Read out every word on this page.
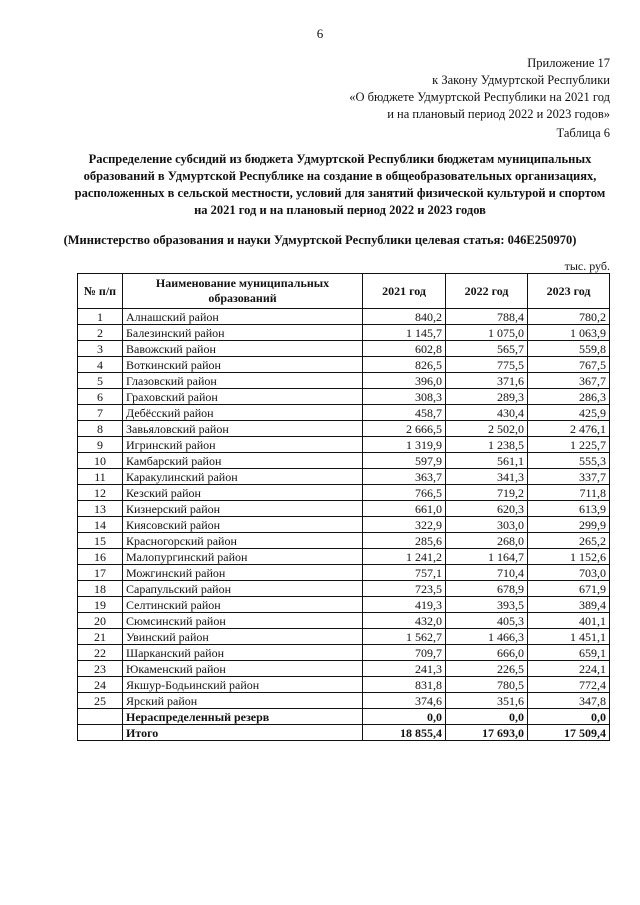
6
Приложение 17
к Закону Удмуртской Республики
«О бюджете Удмуртской Республики на 2021 год
и на плановый период 2022 и 2023 годов»
Таблица 6
Распределение субсидий из бюджета Удмуртской Республики бюджетам муниципальных
образований в Удмуртской Республике на создание в общеобразовательных организациях,
расположенных в сельской местности, условий для занятий физической культурой и спортом
на 2021 год и на плановый период 2022 и 2023 годов
(Министерство образования и науки Удмуртской Республики целевая статья: 046Е250970)
тыс. руб.
№ п/п	Наименование муниципальных образований	2021 год	2022 год	2023 год
1	Алнашский район	840,2	788,4	780,2
2	Балезинский район	1 145,7	1 075,0	1 063,9
3	Вавожский район	602,8	565,7	559,8
4	Воткинский район	826,5	775,5	767,5
5	Глазовский район	396,0	371,6	367,7
6	Граховский район	308,3	289,3	286,3
7	Дебёсский район	458,7	430,4	425,9
8	Завьяловский район	2 666,5	2 502,0	2 476,1
9	Игринский район	1 319,9	1 238,5	1 225,7
10	Камбарский район	597,9	561,1	555,3
11	Каракулинский район	363,7	341,3	337,7
12	Кезский район	766,5	719,2	711,8
13	Кизнерский район	661,0	620,3	613,9
14	Киясовский район	322,9	303,0	299,9
15	Красногорский район	285,6	268,0	265,2
16	Малопургинский район	1 241,2	1 164,7	1 152,6
17	Можгинский район	757,1	710,4	703,0
18	Сарапульский район	723,5	678,9	671,9
19	Селтинский район	419,3	393,5	389,4
20	Сюмсинский район	432,0	405,3	401,1
21	Увинский район	1 562,7	1 466,3	1 451,1
22	Шарканский район	709,7	666,0	659,1
23	Юкаменский район	241,3	226,5	224,1
24	Якшур-Бодьинский район	831,8	780,5	772,4
25	Ярский район	374,6	351,6	347,8
	Нераспределенный резерв	0,0	0,0	0,0
	Итого	18 855,4	17 693,0	17 509,4
